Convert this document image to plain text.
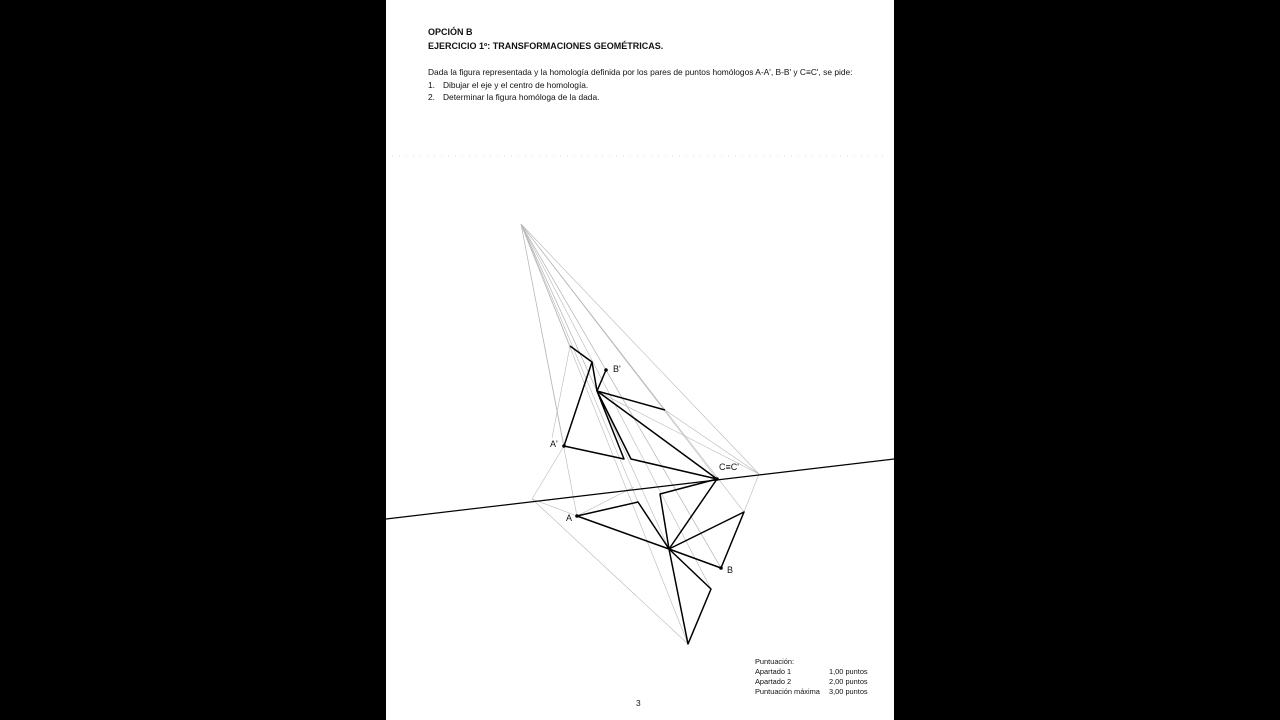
OPCIÓN B
EJERCICIO 1º: TRANSFORMACIONES GEOMÉTRICAS.
Dada la figura representada y la homología definida por los pares de puntos homólogos A-A', B-B' y C≡C', se pide:
1. Dibujar el eje y el centro de homología.
2. Determinar la figura homóloga de la dada.
A'
B'
C≡C'
A
B
Puntuación:
Apartado 1	1,00 puntos
Apartado 2	2,00 puntos
Puntuación máxima 3,00 puntos
3
